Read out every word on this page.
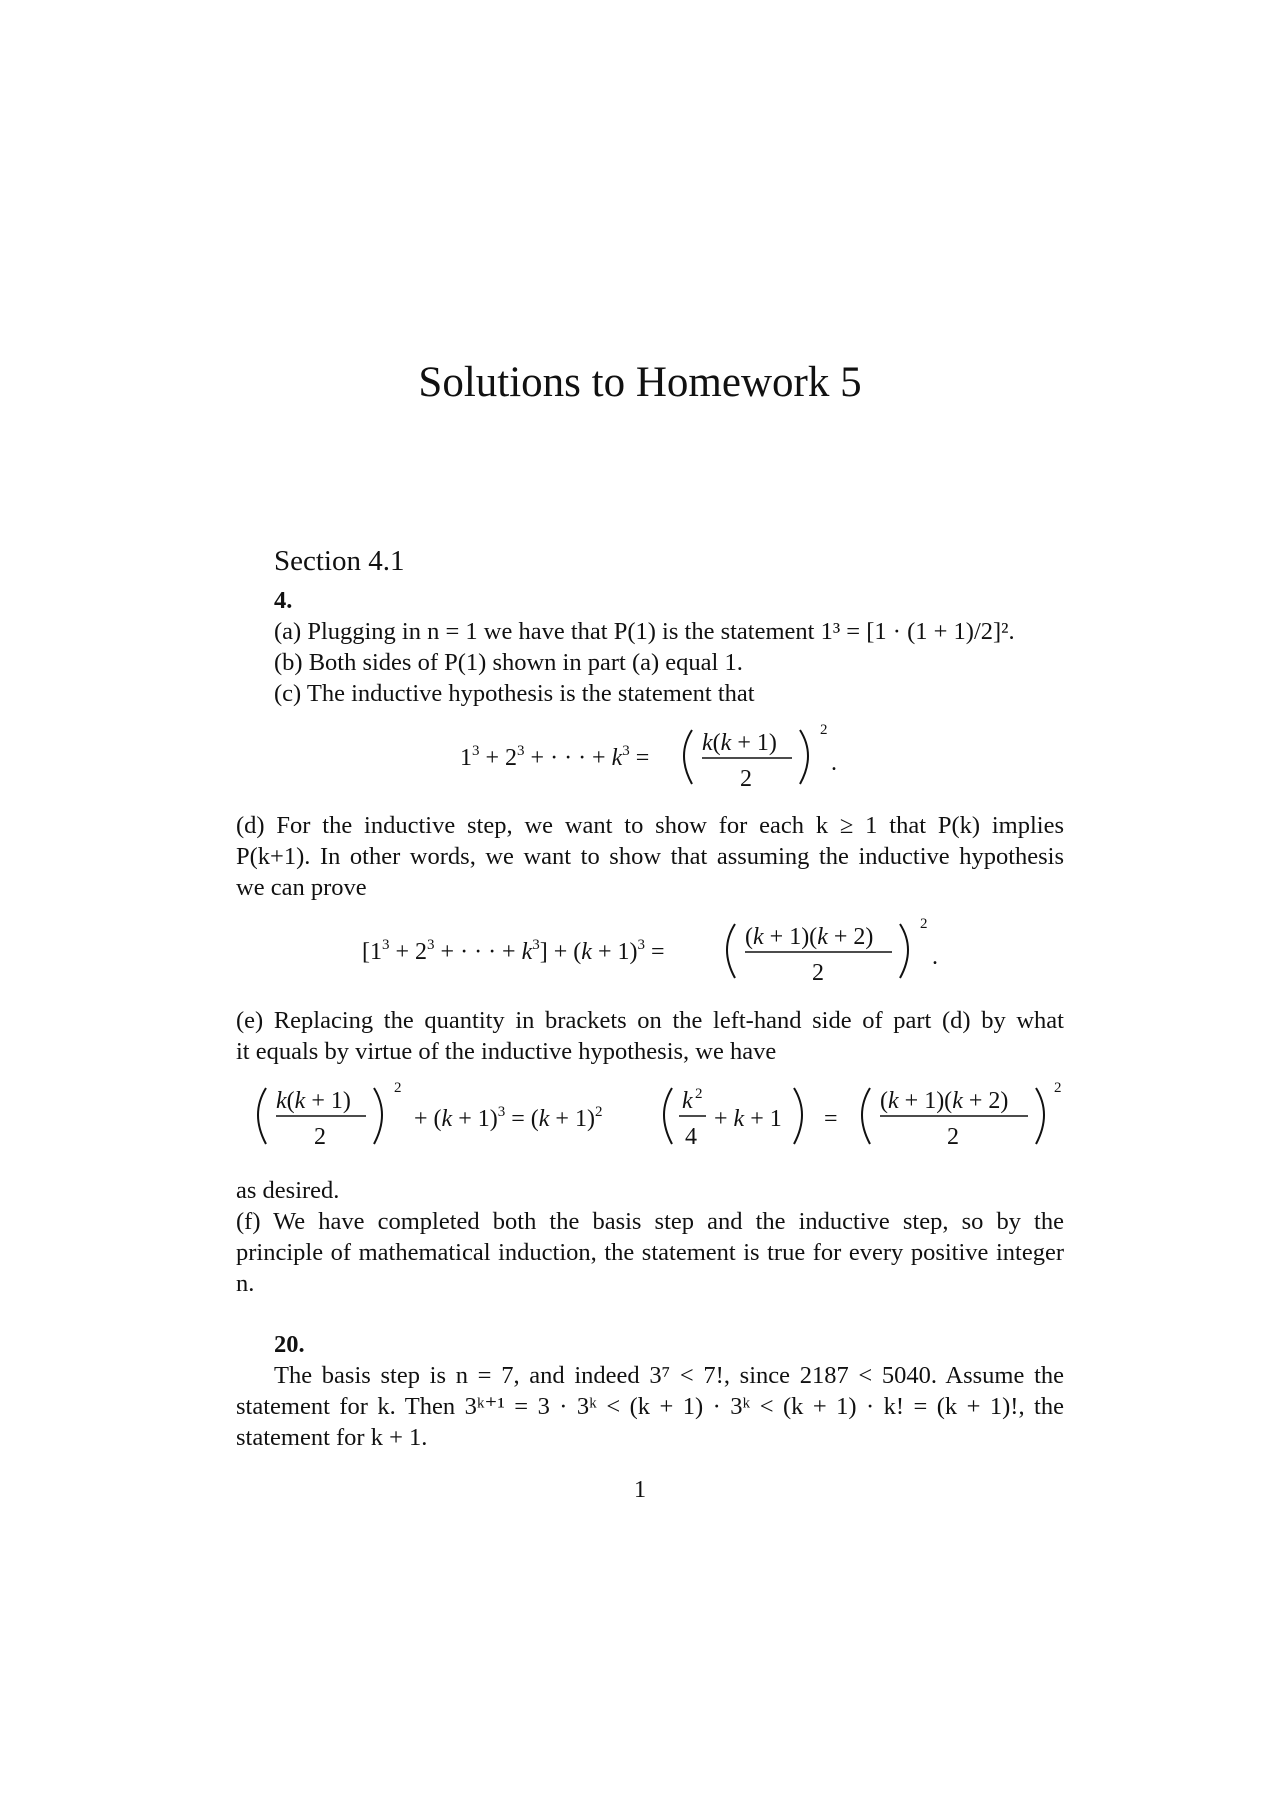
Solutions to Homework 5
Section 4.1
4.
(a) Plugging in n = 1 we have that P(1) is the statement 1³ = [1 · (1 + 1)/2]².
(b) Both sides of P(1) shown in part (a) equal 1.
(c) The inductive hypothesis is the statement that
$1^3 + 2^3$ + · · · + $k^3$ =
k(k + 1)
2
2
.
(d) For the inductive step, we want to show for each k ≥ 1 that P(k) implies
P(k+1). In other words, we want to show that assuming the inductive hypothesis
we can prove
[$1^3 + 2^3$ + · · · + $k^3] + (k + 1)^3$ =
(k + 1)(k + 2)
2
2
.
(e) Replacing the quantity in brackets on the left-hand side of part (d) by what
it equals by virtue of the inductive hypothesis, we have
k(k + 1)
2
2
+ $(k + 1)^3 = (k + 1)^2$	k 2
4
+ k + 1 =
(k + 1)(k + 2)
2
2
as desired.
(f) We have completed both the basis step and the inductive step, so by the
principle of mathematical induction, the statement is true for every positive integer
n.
20.
The basis step is n = 7, and indeed 3⁷ < 7!, since 2187 < 5040. Assume the
statement for k. Then 3ᵏ⁺¹ = 3 · 3ᵏ < (k + 1) · 3ᵏ < (k + 1) · k! = (k + 1)!, the
statement for k + 1.
1
